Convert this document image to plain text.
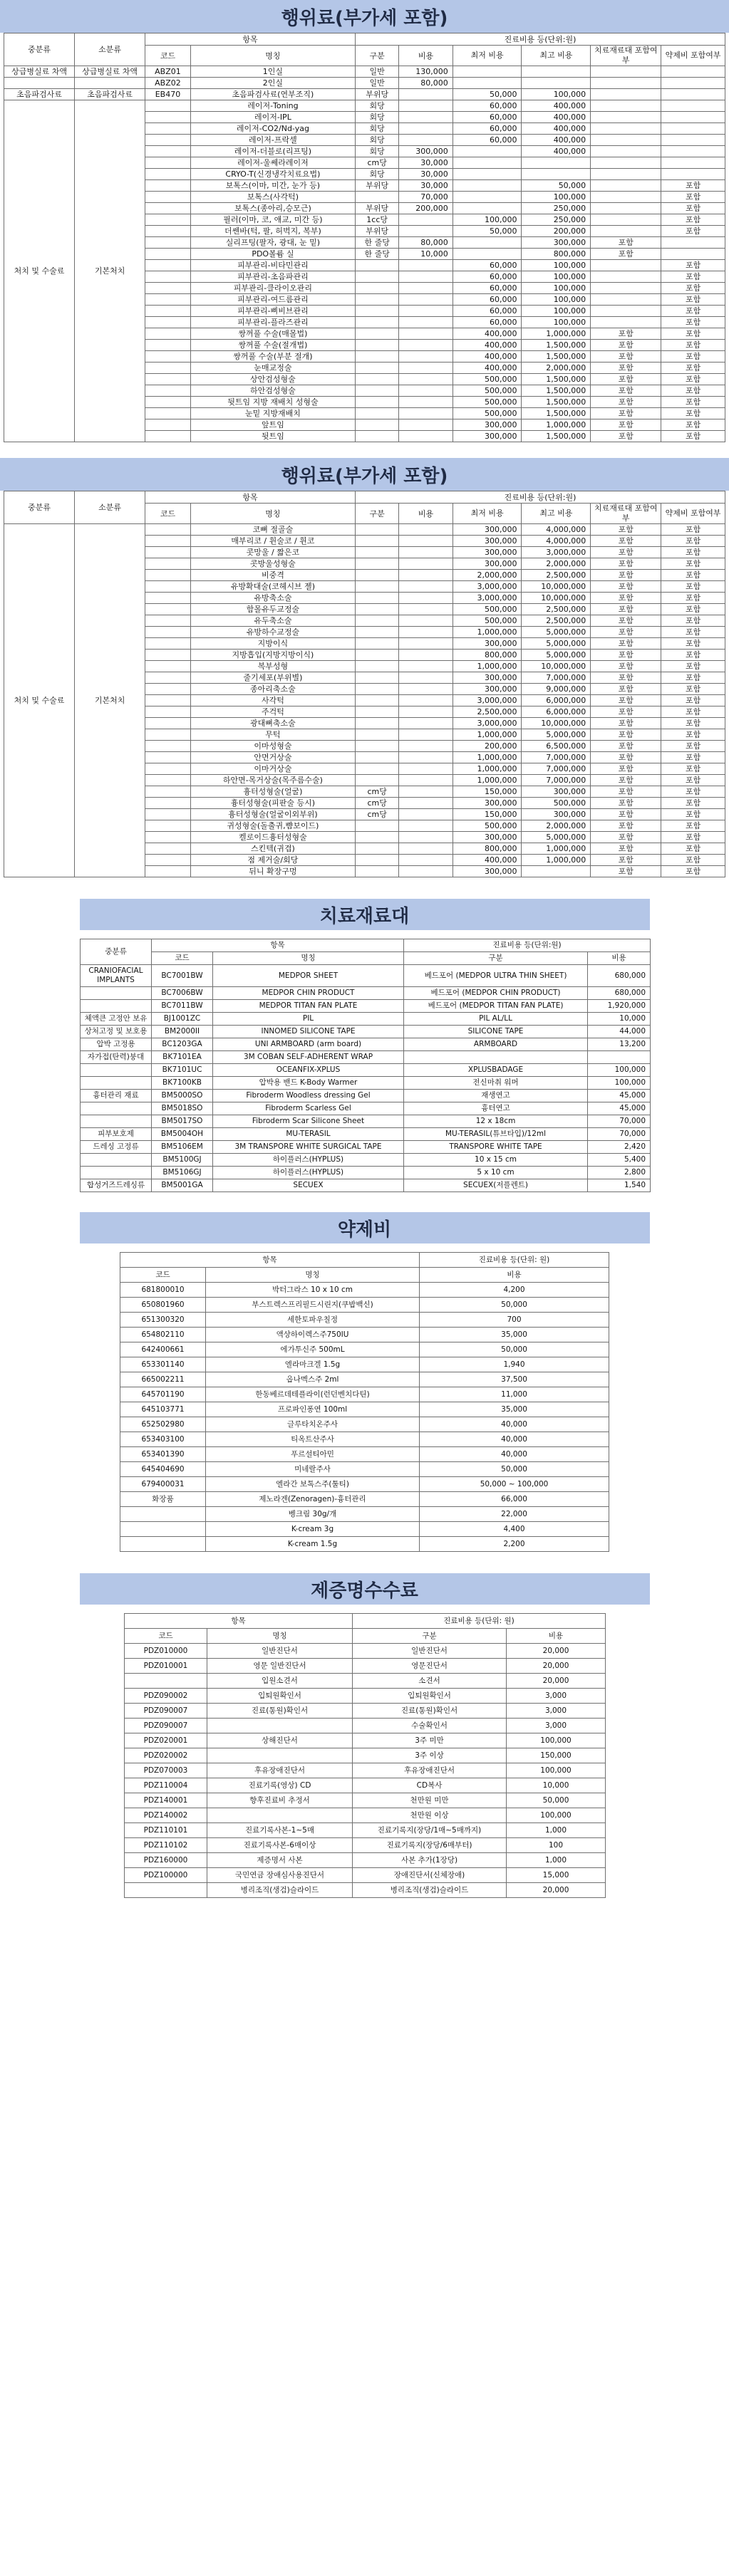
행위료(부가세 포함)
중분류	소분류	항목		진료비용 등(단위:원)					
		코드	명칭	구분	비용	최저 비용	최고 비용	치료재료대 포함여부	약제비 포함여부
상급병실료 차액	상급병실료 차액	ABZ01	1인실	일반	130,000				
		ABZ02	2인실	일반	80,000				
초음파검사료	초음파검사료	EB470	초음파검사료(연부조직)	부위당		50,000	100,000		
처치 및 수술료	기본처치		레이저-Toning	회당		60,000	400,000		
			레이저-IPL	회당		60,000	400,000		
			레이저-CO2/Nd-yag	회당		60,000	400,000		
			레이저-프락셀	회당		60,000	400,000		
			레이저-더블로(리프팅)	회당	300,000		400,000		
			레이저-울쎄라레이저	cm당	30,000				
			CRYO-T(신경냉각치료요법)	회당	30,000				
			보톡스(이마, 미간, 눈가 등)	부위당	30,000		50,000		포함
			보톡스(사각턱)		70,000		100,000		포함
			보톡스(종아리,승모근)	부위당	200,000		250,000		포함
			필러(이마, 코, 애교, 미간 등)	1cc당		100,000	250,000		포함
			더쎈바(턱, 팔, 허벅지, 복부)	부위당		50,000	200,000		포함
			실리프팅(팔자, 광대, 눈 밑)	한 줄당	80,000		300,000	포함	
			PDO볼륨 실	한 줄당	10,000		800,000	포함	
			피부관리-비타민관리			60,000	100,000		포함
			피부관리-초음파관리			60,000	100,000		포함
			피부관리-클라이오관리			60,000	100,000		포함
			피부관리-여드름관리			60,000	100,000		포함
			피부관리-삐비브관리			60,000	100,000		포함
			피부관리-플라즈관리			60,000	100,000		포함
			쌍꺼풀 수술(매몰법)			400,000	1,000,000	포함	포함
			쌍꺼풀 수술(절개법)			400,000	1,500,000	포함	포함
			쌍꺼풀 수술(부분 절개)			400,000	1,500,000	포함	포함
			눈매교정술			400,000	2,000,000	포함	포함
			상안검성형술			500,000	1,500,000	포함	포함
			하안검성형술			500,000	1,500,000	포함	포함
			뒷트임 지방 재배치 성형술			500,000	1,500,000	포함	포함
			눈밑 지방재배치			500,000	1,500,000	포함	포함
			앞트임			300,000	1,000,000	포함	포함
			뒷트임			300,000	1,500,000	포함	포함
행위료(부가세 포함)
중분류	소분류	항목		진료비용 등(단위:원)					
		코드	명칭	구분	비용	최저 비용	최고 비용	치료재료대 포함여부	약제비 포함여부
처치 및 수술료	기본처치		코뼈 절골술			300,000	4,000,000	포함	포함
			매부리코 / 휜술코 / 휜코			300,000	4,000,000	포함	포함
			콧망울 / 짧은코			300,000	3,000,000	포함	포함
			콧방울성형술			300,000	2,000,000	포함	포함
			비중격			2,000,000	2,500,000	포함	포함
			유방확대술(코헤시브 젤)			3,000,000	10,000,000	포함	포함
			유방축소술			3,000,000	10,000,000	포함	포함
			함몰유두교정술			500,000	2,500,000	포함	포함
			유두축소술			500,000	2,500,000	포함	포함
			유방하수교정술			1,000,000	5,000,000	포함	포함
			지방이식			300,000	5,000,000	포함	포함
			지방흡입(지방지방이식)			800,000	5,000,000	포함	포함
			복부성형			1,000,000	10,000,000	포함	포함
			줄기세포(부위별)			300,000	7,000,000	포함	포함
			종아리축소술			300,000	9,000,000	포함	포함
			사각턱			3,000,000	6,000,000	포함	포함
			주걱턱			2,500,000	6,000,000	포함	포함
			광대뼈축소술			3,000,000	10,000,000	포함	포함
			무턱			1,000,000	5,000,000	포함	포함
			이마성형술			200,000	6,500,000	포함	포함
			안면거상술			1,000,000	7,000,000	포함	포함
			이마거상술			1,000,000	7,000,000	포함	포함
			하안면-목거상술(목주름수술)			1,000,000	7,000,000	포함	포함
			흉터성형술(얼굴)	cm당		150,000	300,000	포함	포함
			흉터성형술(피판술 등시)	cm당		300,000	500,000	포함	포함
			흉터성형술(얼굴이외부위)	cm당		150,000	300,000	포함	포함
			귀성형술(돌출귀,뺨보이드)			500,000	2,000,000	포함	포함
			켈로이드흉터성형술			300,000	5,000,000	포함	포함
			스킨텍(귀겹)			800,000	1,000,000	포함	포함
			점 제거술/회당			400,000	1,000,000	포함	포함
			뒤니 확장구멍			300,000		포함	포함
치료재료대
중분류	항목		진료비용 등(단위:원)	
	코드	명칭	구분	비용
CRANIOFACIAL IMPLANTS	BC7001BW	MEDPOR SHEET	베드포어 (MEDPOR ULTRA THIN SHEET)	680,000
	BC7006BW	MEDPOR CHIN PRODUCT	베드포어 (MEDPOR CHIN PRODUCT)	680,000
	BC7011BW	MEDPOR TITAN FAN PLATE	베드포어 (MEDPOR TITAN FAN PLATE)	1,920,000
체액큰 고정안 보유	BJ1001ZC	PIL	PIL AL/LL	10,000
상처고정 및 보호용	BM2000II	INNOMED SILICONE TAPE	SILICONE TAPE	44,000
압박 고정용	BC1203GA	UNI ARMBOARD (arm board)	ARMBOARD	13,200
자가접(탄력)붕대	BK7101EA	3M COBAN SELF-ADHERENT WRAP		
	BK7101UC	OCEANFIX-XPLUS	XPLUSBADAGE	100,000
	BK7100KB	압박용 밴드 K-Body Warmer	전신마취 워머	100,000
흉터관리 재료	BM5000SO	Fibroderm Woodless dressing Gel	재생연고	45,000
	BM5018SO	Fibroderm Scarless Gel	흉터연고	45,000
	BM5017SO	Fibroderm Scar Silicone Sheet	12 x 18cm	70,000
피부보호제	BM5004OH	MU-TERASIL	MU-TERASIL(튜브타입)/12ml	70,000
드레싱 고정류	BM5106EM	3M TRANSPORE WHITE SURGICAL TAPE	TRANSPORE WHITE TAPE	2,420
	BM5100GJ	하이플러스(HYPLUS)	10 x 15 cm	5,400
	BM5106GJ	하이플러스(HYPLUS)	5 x 10 cm	2,800
합성거즈드레싱류	BM5001GA	SECUEX	SECUEX(저플렌트)	1,540
약제비
항목		진료비용 등(단위: 원)
코드	명칭	비용
681800010	박터그라스 10 x 10 cm	4,200
650801960	부스트렉스프리필드시린지(쿠밥백신)	50,000
651300320	세한토파우칠정	700
654802110	액상하이렉스주750IU	35,000
642400661	에가투신주 500mL	50,000
653301140	엘라마크겔 1.5g	1,940
665002211	옵나멕스주 2ml	37,500
645701190	한동베르데테플라이(런던벤치다틴)	11,000
645103771	프로파인퐁연 100ml	35,000
652502980	글루타치온주사	40,000
653403100	티옥트산주사	40,000
653401390	푸르설티아민	40,000
645404690	미네랄주사	50,000
679400031	엘라간 보톡스주(툴티)	50,000 ~ 100,000
화장품	제노라겐(Zenoragen)-흉터관리	66,000
	벵크림 30g/개	22,000
	K-cream 3g	4,400
	K-cream 1.5g	2,200
제증명수수료
항목		진료비용 등(단위: 원)	
코드	명칭	구분	비용
PDZ010000	일반진단서	일반진단서	20,000
PDZ010001	영문 일반진단서	영문진단서	20,000
	입원소견서	소견서	20,000
PDZ090002	입퇴원확인서	입퇴원확인서	3,000
PDZ090007	진료(통원)확인서	진료(통원)확인서	3,000
PDZ090007		수술확인서	3,000
PDZ020001	상해진단서	3주 미만	100,000
PDZ020002		3주 이상	150,000
PDZ070003	후유장애진단서	후유장애진단서	100,000
PDZ110004	진료기록(영상) CD	CD복사	10,000
PDZ140001	향후진료비 추정서	천만원 미만	50,000
PDZ140002		천만원 이상	100,000
PDZ110101	진료기록사본-1~5매	진료기록지(장당/1매~5매까지)	1,000
PDZ110102	진료기록사본-6매이상	진료기록지(장당/6매부터)	100
PDZ160000	제증명서 사본	사본 추가(1장당)	1,000
PDZ100000	국민연금 장애심사용진단서	장애진단서(신체장애)	15,000
	병리조직(생검)슬라이드	병리조직(생검)슬라이드	20,000
